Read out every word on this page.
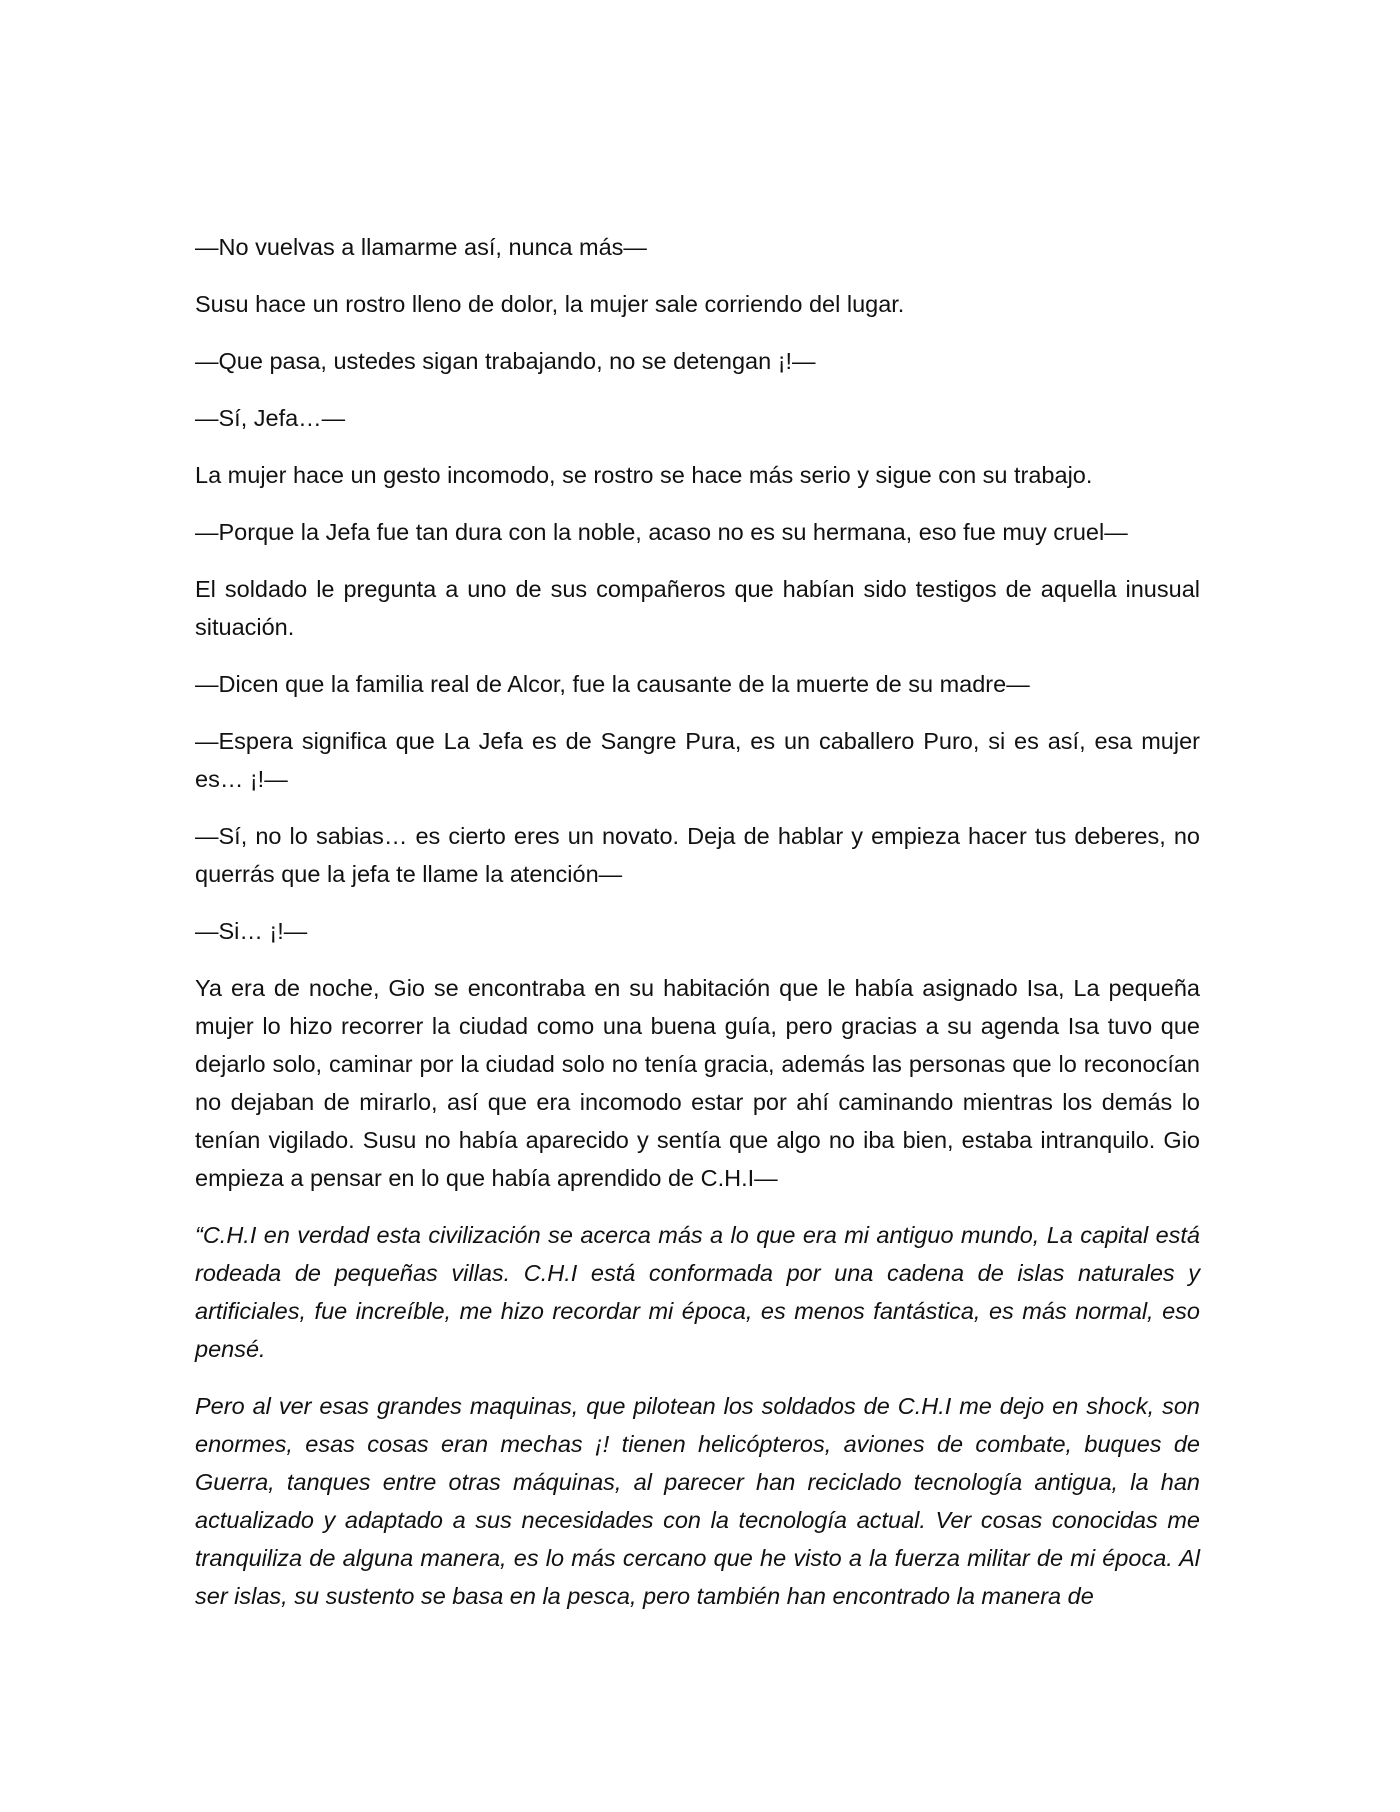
—No vuelvas a llamarme así, nunca más—

Susu hace un rostro lleno de dolor, la mujer sale corriendo del lugar.

—Que pasa, ustedes sigan trabajando, no se detengan ¡!—

—Sí, Jefa…—

La mujer hace un gesto incomodo, se rostro se hace más serio y sigue con su trabajo.

—Porque la Jefa fue tan dura con la noble, acaso no es su hermana, eso fue muy cruel—

El soldado le pregunta a uno de sus compañeros que habían sido testigos de aquella inusual situación.

—Dicen que la familia real de Alcor, fue la causante de la muerte de su madre—

—Espera significa que La Jefa es de Sangre Pura, es un caballero Puro, si es así, esa mujer es… ¡!—

—Sí, no lo sabias… es cierto eres un novato. Deja de hablar y empieza hacer tus deberes, no querrás que la jefa te llame la atención—

—Si… ¡!—

Ya era de noche, Gio se encontraba en su habitación que le había asignado Isa, La pequeña mujer lo hizo recorrer la ciudad como una buena guía, pero gracias a su agenda Isa tuvo que dejarlo solo, caminar por la ciudad solo no tenía gracia, además las personas que lo reconocían no dejaban de mirarlo, así que era incomodo estar por ahí caminando mientras los demás lo tenían vigilado. Susu no había aparecido y sentía que algo no iba bien, estaba intranquilo. Gio empieza a pensar en lo que había aprendido de C.H.I—

“C.H.I en verdad esta civilización se acerca más a lo que era mi antiguo mundo, La capital está rodeada de pequeñas villas. C.H.I está conformada por una cadena de islas naturales y artificiales, fue increíble, me hizo recordar mi época, es menos fantástica, es más normal, eso pensé.

Pero al ver esas grandes maquinas, que pilotean los soldados de C.H.I me dejo en shock, son enormes, esas cosas eran mechas ¡! tienen helicópteros, aviones de combate, buques de Guerra, tanques entre otras máquinas, al parecer han reciclado tecnología antigua, la han actualizado y adaptado a sus necesidades con la tecnología actual. Ver cosas conocidas me tranquiliza de alguna manera, es lo más cercano que he visto a la fuerza militar de mi época. Al ser islas, su sustento se basa en la pesca, pero también han encontrado la manera de
